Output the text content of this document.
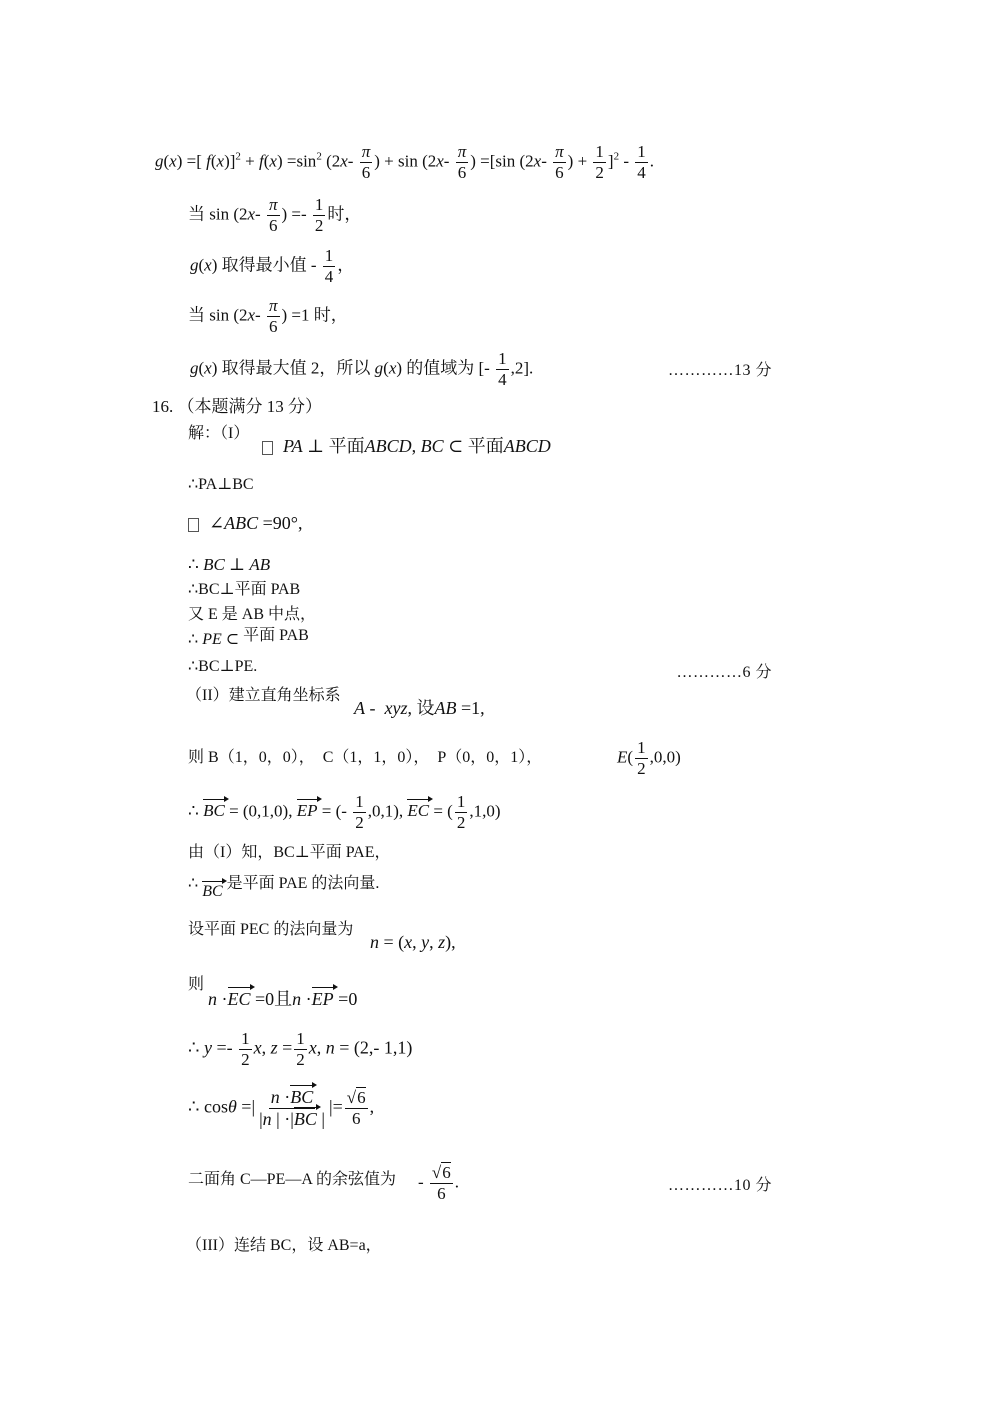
g(x) =[ $f(x)]^2 + f(x) =\sin^2$ ($2x- \frac{\pi}{6}$ ) + $\sin (2x- \frac{\pi}{6}$ ) =[sin ($2x- \frac{\pi}{6}$ ) + $\frac{1}{2} ]^2 - \frac{1}{4}$ .
当 $\sin (2x- \frac{\pi}{6}$ ) =- $\frac{1}{2}$ 时，
g(x) 取得最小值 - $\frac{1}{4}$ ，
当 $\sin (2x- \frac{\pi}{6}$ ) =1 时，
g(x) 取得最大值 2，所以 g(x) 的值域为 [- $\frac{1}{4} ,2$].	…………13 分
16. （本题满分 13 分）
解：（I）
PA ⊥ 平面ABCD, BC ⊂ 平面ABCD
∴PA⊥BC
∠ABC =90°,
∴ BC ⊥ AB
∴BC⊥平面 PAB
又 E 是 AB 中点，
∴ PE ⊂ 平面 PAB
∴BC⊥PE.	…………6 分
（II）建立直角坐标系
A -  xyz, 设AB =1,
则 B（1，0，0）， C（1，1，0）， P（0，0，1），	$E( \frac{1}{2} ,0,0)$
∴ BC = (0,1,0), EP = (- $\frac{1}{2} ,0,1$), EC = ( $\frac{1}{2} ,1,0$)
由（I）知，BC⊥平面 PAE，
∴ BC 是平面 PAE 的法向量.
设平面 PEC 的法向量为
n = (x, y, z),
则
n ·EC =0且n ·EP =0
∴ $y =- \frac{1}{2} x$, $z = \frac{1}{2} x$, n = (2,- 1,1)
∴ cosθ =| $\frac{n \cdot BC}{|n | \cdot|BC |}$ |= $\frac{√6}{6}$ ,
二面角 C—PE—A 的余弦值为 - $\frac{√6}{6}$ .	…………10 分
（III）连结 BC，设 AB=a，
